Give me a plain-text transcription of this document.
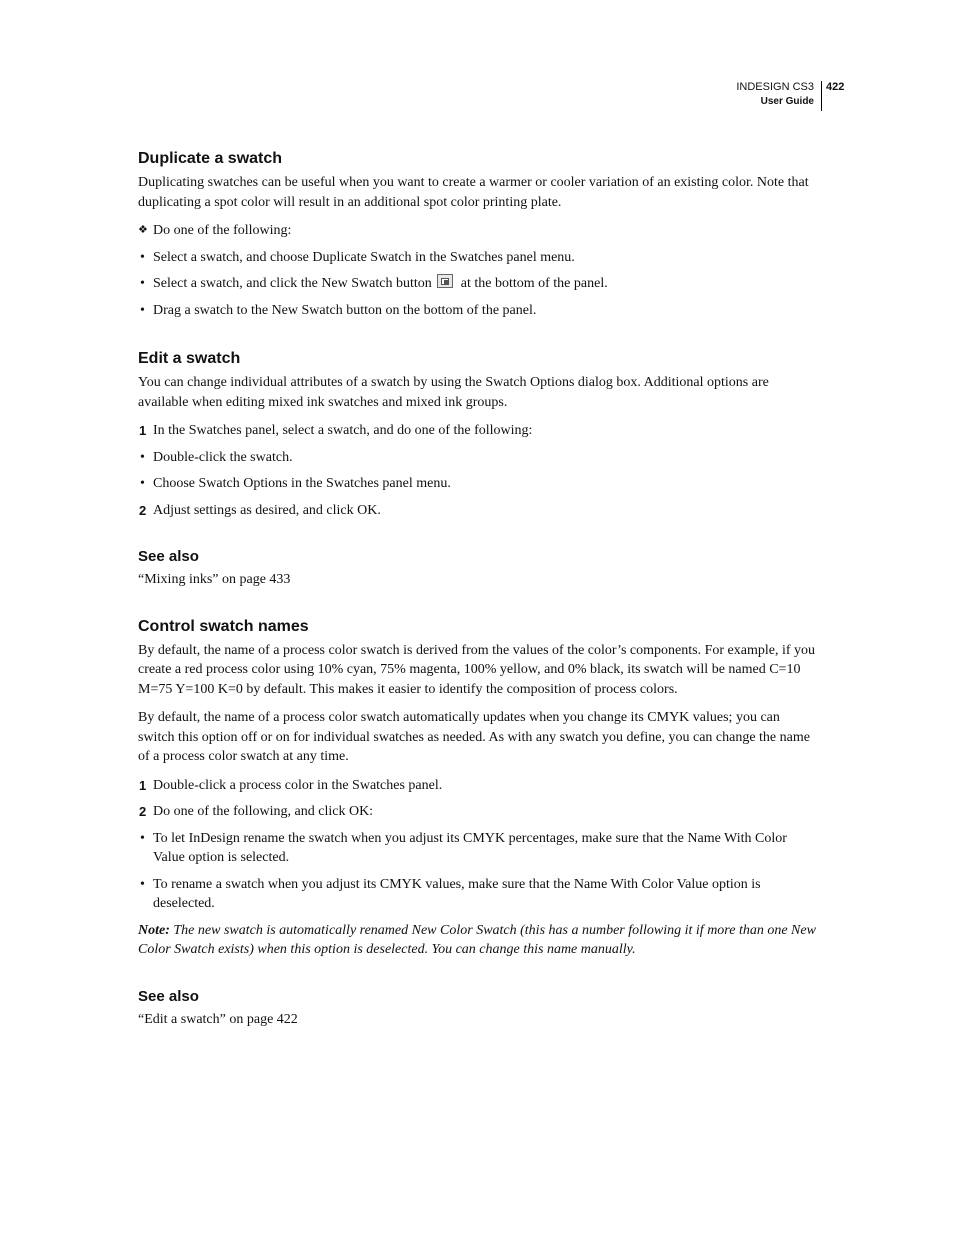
INDESIGN CS3
User Guide
422
Duplicate a swatch

Duplicating swatches can be useful when you want to create a warmer or cooler variation of an existing color. Note that duplicating a spot color will result in an additional spot color printing plate.

❖ Do one of the following:
• Select a swatch, and choose Duplicate Swatch in the Swatches panel menu.
• Select a swatch, and click the New Swatch button at the bottom of the panel.
• Drag a swatch to the New Swatch button on the bottom of the panel.
Edit a swatch

You can change individual attributes of a swatch by using the Swatch Options dialog box. Additional options are available when editing mixed ink swatches and mixed ink groups.

1 In the Swatches panel, select a swatch, and do one of the following:
• Double-click the swatch.
• Choose Swatch Options in the Swatches panel menu.
2 Adjust settings as desired, and click OK.
See also

“Mixing inks” on page 433

Control swatch names

By default, the name of a process color swatch is derived from the values of the color’s components. For example, if you create a red process color using 10% cyan, 75% magenta, 100% yellow, and 0% black, its swatch will be named C=10 M=75 Y=100 K=0 by default. This makes it easier to identify the composition of process colors.

By default, the name of a process color swatch automatically updates when you change its CMYK values; you can switch this option off or on for individual swatches as needed. As with any swatch you define, you can change the name of a process color swatch at any time.

1 Double-click a process color in the Swatches panel.
2 Do one of the following, and click OK:
• To let InDesign rename the swatch when you adjust its CMYK percentages, make sure that the Name With Color Value option is selected.
• To rename a swatch when you adjust its CMYK values, make sure that the Name With Color Value option is deselected.

Note: The new swatch is automatically renamed New Color Swatch (this has a number following it if more than one New Color Swatch exists) when this option is deselected. You can change this name manually.

See also

“Edit a swatch” on page 422
